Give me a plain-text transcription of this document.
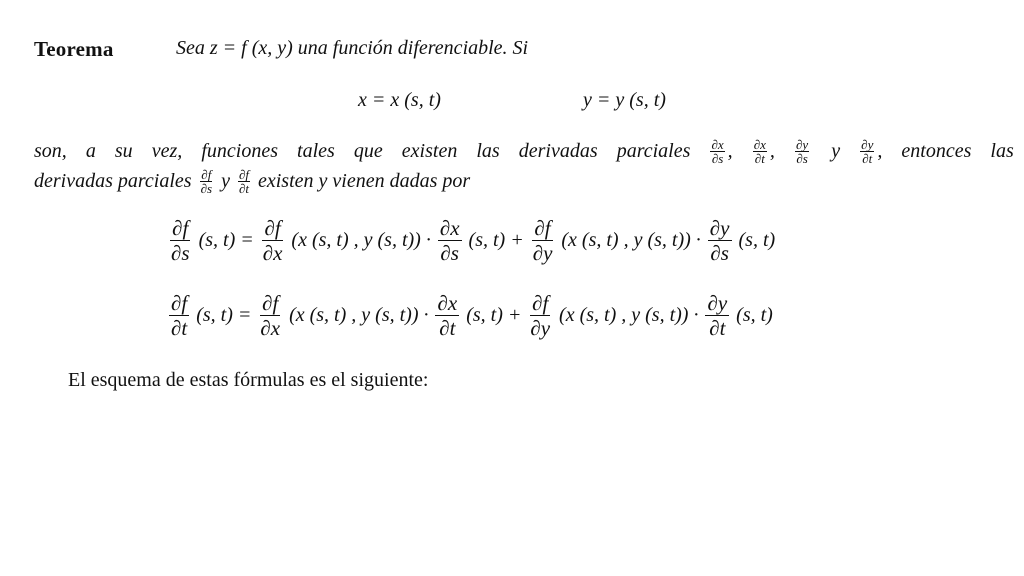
Teorema	Sea z = f (x, y) una función diferenciable. Si
x = x (s, t)	y = y (s, t)
son, a su vez, funciones tales que existen las derivadas parciales $\frac{\partial x}{\partial s}$ , $\frac{\partial x}{\partial t}$ , $\frac{\partial y}{\partial s}$ y $\frac{\partial y}{\partial t}$ , entonces las
derivadas parciales $\frac{\partial f}{\partial s}$ y $\frac{\partial f}{\partial t}$ existen y vienen dadas por
$\frac{\partial f}{\partial s} (s$, $t) = \frac{\partial f}{\partial x} (x$ (s, t) , y (s, $t)) \cdot \frac{\partial x}{\partial s} (s$, $t) + \frac{\partial f}{\partial y} (x$ (s, t) , y (s, $t)) \cdot \frac{\partial y}{\partial s} (s$, t)
$\frac{\partial f}{\partial t} (s$, $t) = \frac{\partial f}{\partial x} (x$ (s, t) , y (s, $t)) \cdot \frac{\partial x}{\partial t} (s$, $t) + \frac{\partial f}{\partial y} (x$ (s, t) , y (s, $t)) \cdot \frac{\partial y}{\partial t} (s$, t)
El esquema de estas fórmulas es el siguiente:
